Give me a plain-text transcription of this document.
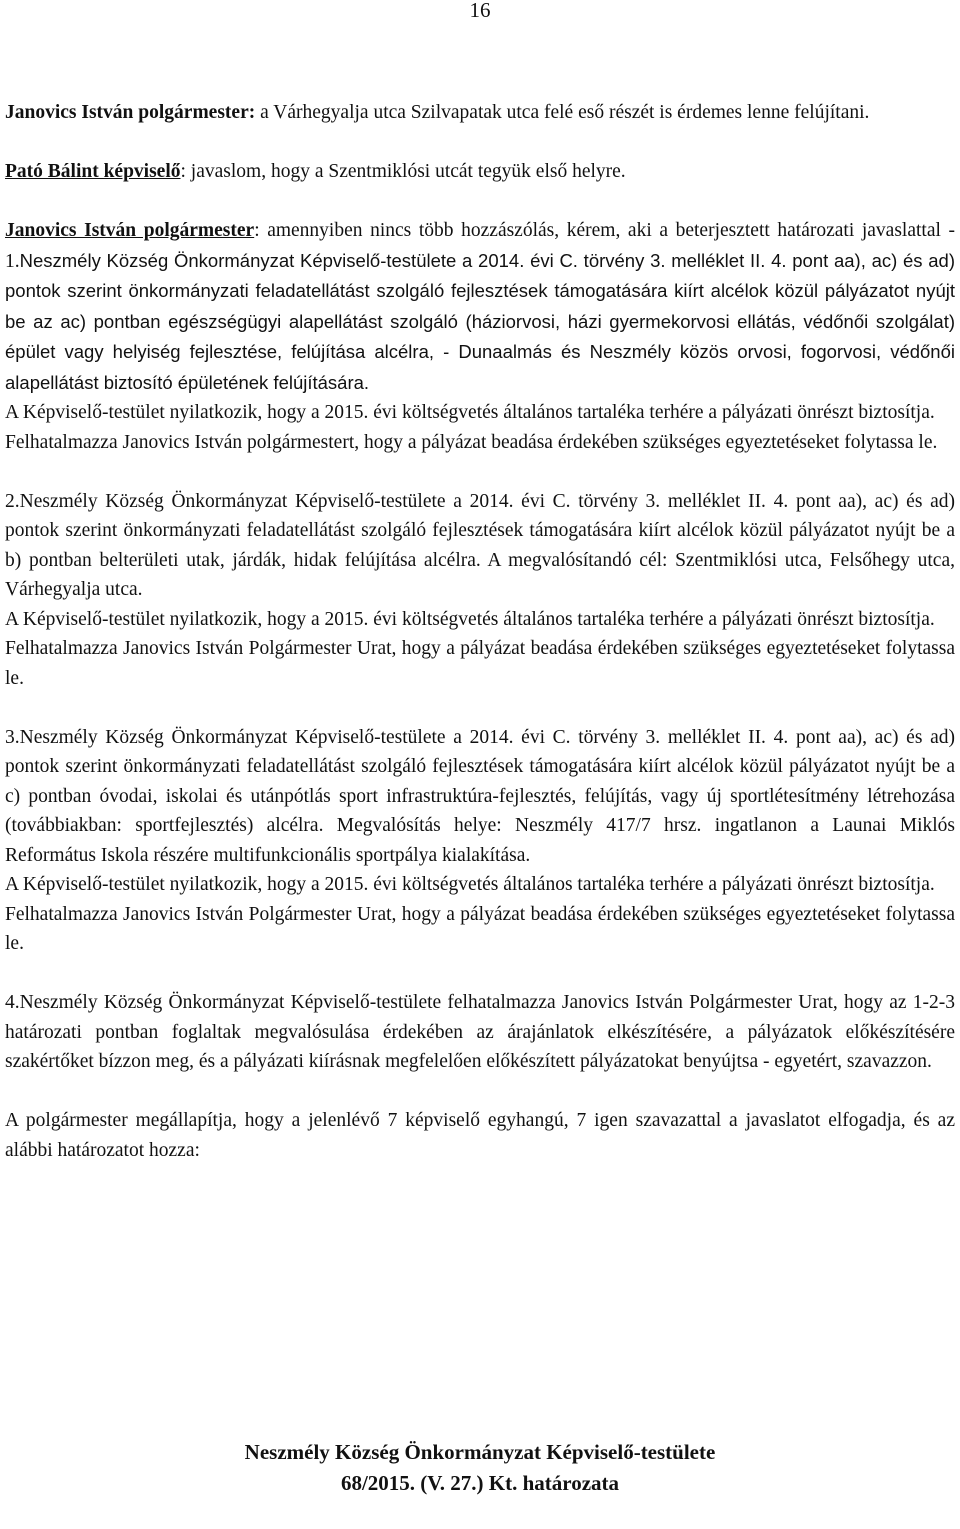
16

Janovics István polgármester: a Várhegyalja utca Szilvapatak utca felé eső részét is érdemes lenne felújítani.

Pató Bálint képviselő: javaslom, hogy a Szentmiklósi utcát tegyük első helyre.

Janovics István polgármester: amennyiben nincs több hozzászólás, kérem, aki a beterjesztett határozati javaslattal - 1.Neszmély Község Önkormányzat Képviselő-testülete a 2014. évi C. törvény 3. melléklet II. 4. pont aa), ac) és ad) pontok szerint önkormányzati feladatellátást szolgáló fejlesztések támogatására kiírt alcélok közül pályázatot nyújt be az ac) pontban egészségügyi alapellátást szolgáló (háziorvosi, házi gyermekorvosi ellátás, védőnői szolgálat) épület vagy helyiség fejlesztése, felújítása alcélra, - Dunaalmás és Neszmély közös orvosi, fogorvosi, védőnői alapellátást biztosító épületének felújítására.

A Képviselő-testület nyilatkozik, hogy a 2015. évi költségvetés általános tartaléka terhére a pályázati önrészt biztosítja.

Felhatalmazza Janovics István polgármestert, hogy a pályázat beadása érdekében szükséges egyeztetéseket folytassa le.

2.Neszmély Község Önkormányzat Képviselő-testülete a 2014. évi C. törvény 3. melléklet II. 4. pont aa), ac) és ad) pontok szerint önkormányzati feladatellátást szolgáló fejlesztések támogatására kiírt alcélok közül pályázatot nyújt be a b) pontban belterületi utak, járdák, hidak felújítása alcélra. A megvalósítandó cél: Szentmiklósi utca, Felsőhegy utca, Várhegyalja utca.

A Képviselő-testület nyilatkozik, hogy a 2015. évi költségvetés általános tartaléka terhére a pályázati önrészt biztosítja.

Felhatalmazza Janovics István Polgármester Urat, hogy a pályázat beadása érdekében szükséges egyeztetéseket folytassa le.

3.Neszmély Község Önkormányzat Képviselő-testülete a 2014. évi C. törvény 3. melléklet II. 4. pont aa), ac) és ad) pontok szerint önkormányzati feladatellátást szolgáló fejlesztések támogatására kiírt alcélok közül pályázatot nyújt be a c) pontban óvodai, iskolai és utánpótlás sport infrastruktúra-fejlesztés, felújítás, vagy új sportlétesítmény létrehozása (továbbiakban: sportfejlesztés) alcélra. Megvalósítás helye: Neszmély 417/7 hrsz. ingatlanon a Launai Miklós Református Iskola részére multifunkcionális sportpálya kialakítása.

A Képviselő-testület nyilatkozik, hogy a 2015. évi költségvetés általános tartaléka terhére a pályázati önrészt biztosítja.

Felhatalmazza Janovics István Polgármester Urat, hogy a pályázat beadása érdekében szükséges egyeztetéseket folytassa le.

4.Neszmély Község Önkormányzat Képviselő-testülete felhatalmazza Janovics István Polgármester Urat, hogy az 1-2-3 határozati pontban foglaltak megvalósulása érdekében az árajánlatok elkészítésére, a pályázatok előkészítésére szakértőket bízzon meg, és a pályázati kiírásnak megfelelően előkészített pályázatokat benyújtsa - egyetért, szavazzon.

A polgármester megállapítja, hogy a jelenlévő 7 képviselő egyhangú, 7 igen szavazattal a javaslatot elfogadja, és az alábbi határozatot hozza:

Neszmély Község Önkormányzat Képviselő-testülete
68/2015. (V. 27.) Kt. határozata
